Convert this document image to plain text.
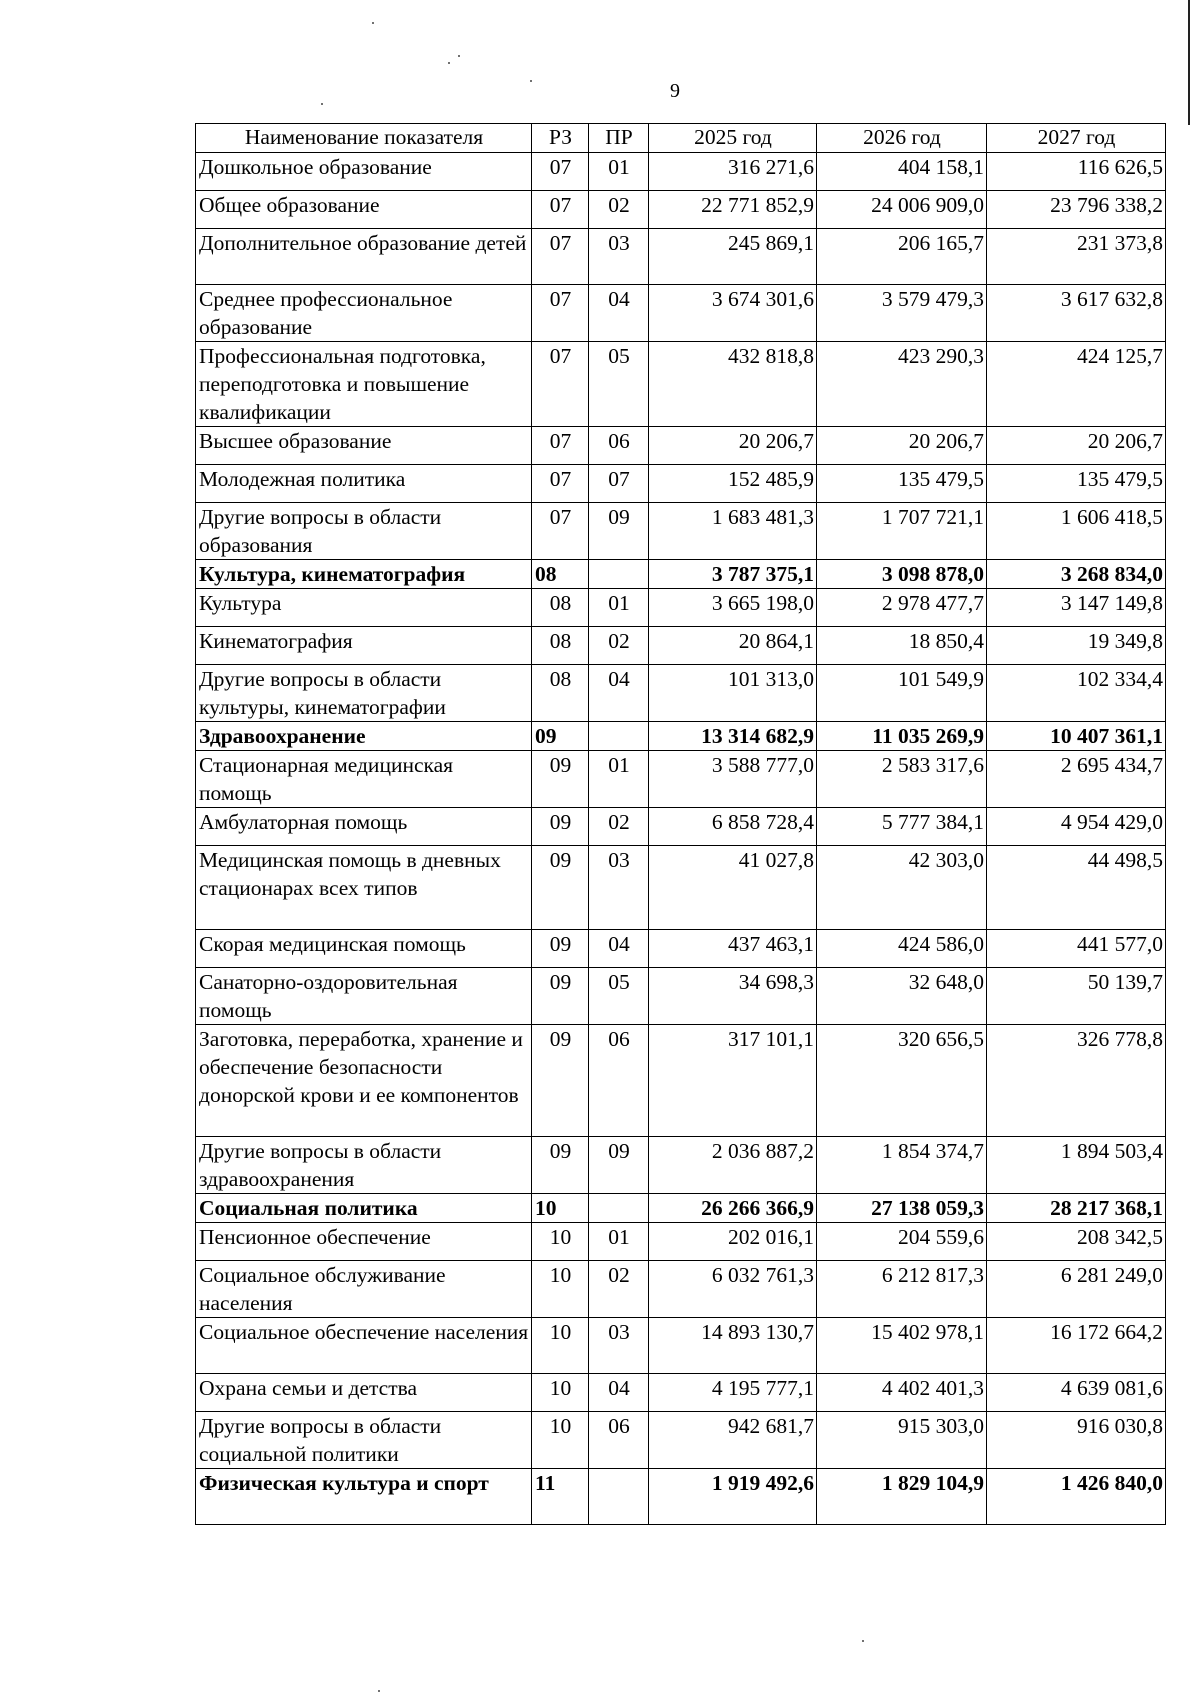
9
Наименование показателя	РЗ	ПР	2025 год	2026 год	2027 год
Дошкольное образование	07	01	316 271,6	404 158,1	116 626,5
Общее образование	07	02	22 771 852,9	24 006 909,0	23 796 338,2
Дополнительное образование детей	07	03	245 869,1	206 165,7	231 373,8
Среднее профессиональное образование	07	04	3 674 301,6	3 579 479,3	3 617 632,8
Профессиональная подготовка, переподготовка и повышение квалификации	07	05	432 818,8	423 290,3	424 125,7
Высшее образование	07	06	20 206,7	20 206,7	20 206,7
Молодежная политика	07	07	152 485,9	135 479,5	135 479,5
Другие вопросы в области образования	07	09	1 683 481,3	1 707 721,1	1 606 418,5
Культура, кинематография	08		3 787 375,1	3 098 878,0	3 268 834,0
Культура	08	01	3 665 198,0	2 978 477,7	3 147 149,8
Кинематография	08	02	20 864,1	18 850,4	19 349,8
Другие вопросы в области культуры, кинематографии	08	04	101 313,0	101 549,9	102 334,4
Здравоохранение	09		13 314 682,9	11 035 269,9	10 407 361,1
Стационарная медицинская помощь	09	01	3 588 777,0	2 583 317,6	2 695 434,7
Амбулаторная помощь	09	02	6 858 728,4	5 777 384,1	4 954 429,0
Медицинская помощь в дневных стационарах всех типов	09	03	41 027,8	42 303,0	44 498,5
Скорая медицинская помощь	09	04	437 463,1	424 586,0	441 577,0
Санаторно-оздоровительная помощь	09	05	34 698,3	32 648,0	50 139,7
Заготовка, переработка, хранение и обеспечение безопасности донорской крови и ее компонентов	09	06	317 101,1	320 656,5	326 778,8
Другие вопросы в области здравоохранения	09	09	2 036 887,2	1 854 374,7	1 894 503,4
Социальная политика	10		26 266 366,9	27 138 059,3	28 217 368,1
Пенсионное обеспечение	10	01	202 016,1	204 559,6	208 342,5
Социальное обслуживание населения	10	02	6 032 761,3	6 212 817,3	6 281 249,0
Социальное обеспечение населения	10	03	14 893 130,7	15 402 978,1	16 172 664,2
Охрана семьи и детства	10	04	4 195 777,1	4 402 401,3	4 639 081,6
Другие вопросы в области социальной политики	10	06	942 681,7	915 303,0	916 030,8
Физическая культура и спорт	11		1 919 492,6	1 829 104,9	1 426 840,0
